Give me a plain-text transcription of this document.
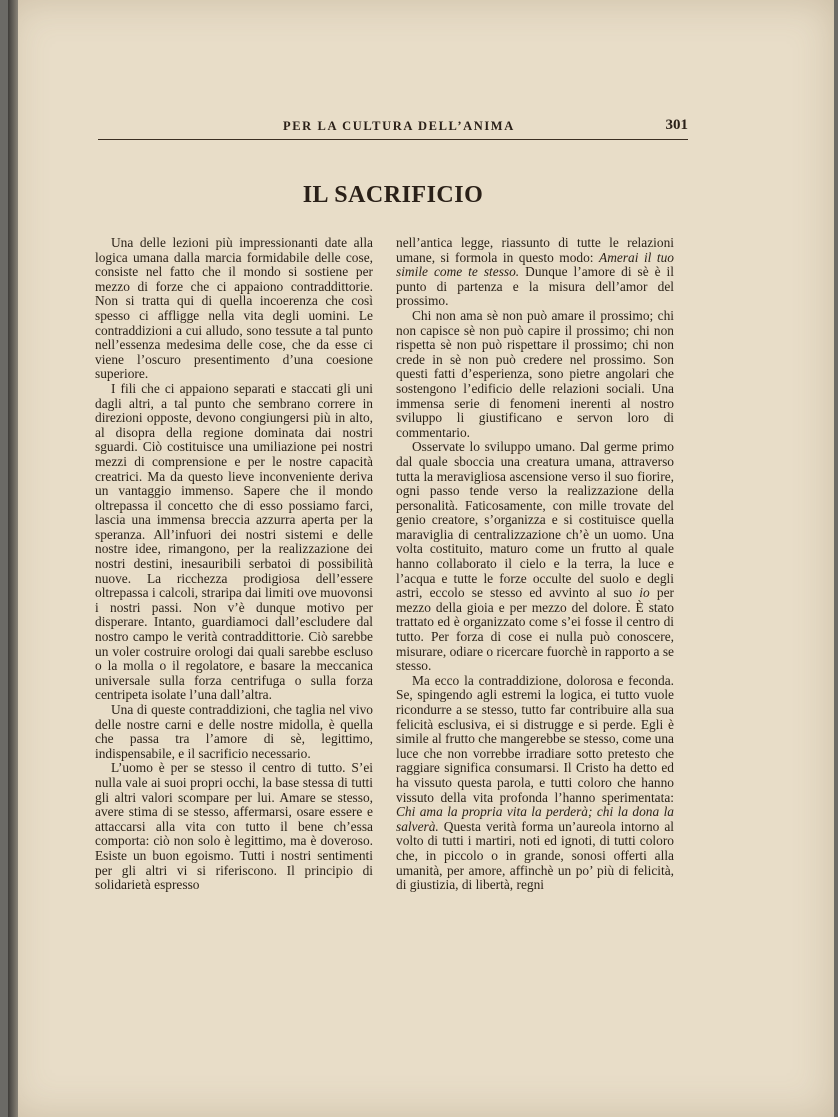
PER LA CULTURA DELL’ANIMA	301
IL SACRIFICIO

Una delle lezioni più impressionanti date alla logica umana dalla marcia formidabile delle cose, consiste nel fatto che il mondo si sostiene per mezzo di forze che ci appaiono contraddittorie. Non si tratta qui di quella incoerenza che così spesso ci affligge nella vita degli uomini. Le contraddizioni a cui alludo, sono tessute a tal punto nell’essenza medesima delle cose, che da esse ci viene l’oscuro presentimento d’una coesione superiore.

I fili che ci appaiono separati e staccati gli uni dagli altri, a tal punto che sembrano correre in direzioni opposte, devono congiungersi più in alto, al disopra della regione dominata dai nostri sguardi. Ciò costituisce una umiliazione pei nostri mezzi di comprensione e per le nostre capacità creatrici. Ma da questo lieve inconveniente deriva un vantaggio immenso. Sapere che il mondo oltrepassa il concetto che di esso possiamo farci, lascia una immensa breccia azzurra aperta per la speranza. All’infuori dei nostri sistemi e delle nostre idee, rimangono, per la realizzazione dei nostri destini, inesauribili serbatoi di possibilità nuove. La ricchezza prodigiosa dell’essere oltrepassa i calcoli, straripa dai limiti ove muovonsi i nostri passi. Non v’è dunque motivo per disperare. Intanto, guardiamoci dall’escludere dal nostro campo le verità contraddittorie. Ciò sarebbe un voler costruire orologi dai quali sarebbe escluso o la molla o il regolatore, e basare la meccanica universale sulla forza centrifuga o sulla forza centripeta isolate l’una dall’altra.

Una di queste contraddizioni, che taglia nel vivo delle nostre carni e delle nostre midolla, è quella che passa tra l’amore di sè, legittimo, indispensabile, e il sacrificio necessario.

L’uomo è per se stesso il centro di tutto. S’ei nulla vale ai suoi propri occhi, la base stessa di tutti gli altri valori scompare per lui. Amare se stesso, avere stima di se stesso, affermarsi, osare essere e attaccarsi alla vita con tutto il bene ch’essa comporta: ciò non solo è legittimo, ma è doveroso. Esiste un buon egoismo. Tutti i nostri sentimenti per gli altri vi si riferiscono. Il principio di solidarietà espresso

nell’antica legge, riassunto di tutte le relazioni umane, si formola in questo modo: Amerai il tuo simile come te stesso. Dunque l’amore di sè è il punto di partenza e la misura dell’amor del prossimo.

Chi non ama sè non può amare il prossimo; chi non capisce sè non può capire il prossimo; chi non rispetta sè non può rispettare il prossimo; chi non crede in sè non può credere nel prossimo. Son questi fatti d’esperienza, sono pietre angolari che sostengono l’edificio delle relazioni sociali. Una immensa serie di fenomeni inerenti al nostro sviluppo li giustificano e servon loro di commentario.

Osservate lo sviluppo umano. Dal germe primo dal quale sboccia una creatura umana, attraverso tutta la meravigliosa ascensione verso il suo fiorire, ogni passo tende verso la realizzazione della personalità. Faticosamente, con mille trovate del genio creatore, s’organizza e si costituisce quella maraviglia di centralizzazione ch’è un uomo. Una volta costituito, maturo come un frutto al quale hanno collaborato il cielo e la terra, la luce e l’acqua e tutte le forze occulte del suolo e degli astri, eccolo se stesso ed avvinto al suo io per mezzo della gioia e per mezzo del dolore. È stato trattato ed è organizzato come s’ei fosse il centro di tutto. Per forza di cose ei nulla può conoscere, misurare, odiare o ricercare fuorchè in rapporto a se stesso.

Ma ecco la contraddizione, dolorosa e feconda. Se, spingendo agli estremi la logica, ei tutto vuole ricondurre a se stesso, tutto far contribuire alla sua felicità esclusiva, ei si distrugge e si perde. Egli è simile al frutto che mangerebbe se stesso, come una luce che non vorrebbe irradiare sotto pretesto che raggiare significa consumarsi. Il Cristo ha detto ed ha vissuto questa parola, e tutti coloro che hanno vissuto della vita profonda l’hanno sperimentata: Chi ama la propria vita la perderà; chi la dona la salverà. Questa verità forma un’aureola intorno al volto di tutti i martiri, noti ed ignoti, di tutti coloro che, in piccolo o in grande, sonosi offerti alla umanità, per amore, affinchè un po’ più di felicità, di giustizia, di libertà, regni
